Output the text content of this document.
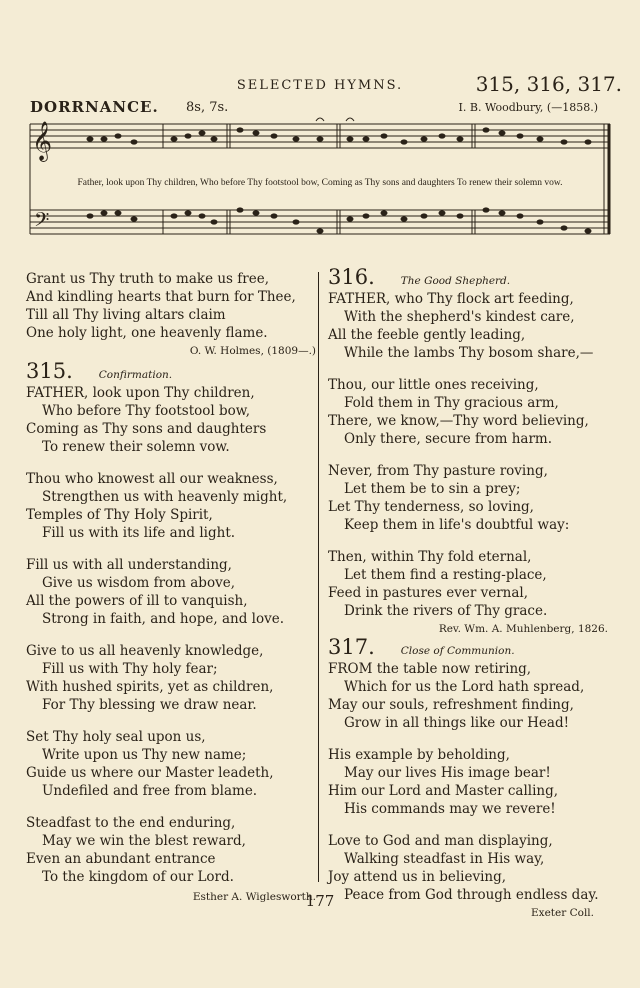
SELECTED HYMNS.	315, 316, 317.
DORRNANCE. 8s, 7s.	I. B. Woodbury, (—1858.)
𝄞
𝄢
Father, look upon Thy children, Who before Thy footstool bow, Coming as Thy sons and daughters To renew their solemn vow.
Grant us Thy truth to make us free,
And kindling hearts that burn for Thee,
Till all Thy living altars claim
One holy light, one heavenly flame.
O. W. Holmes, (1809—.)
315. Confirmation.
FATHER, look upon Thy children,
Who before Thy footstool bow,
Coming as Thy sons and daughters
To renew their solemn vow.
Thou who knowest all our weakness,
Strengthen us with heavenly might,
Temples of Thy Holy Spirit,
Fill us with its life and light.
Fill us with all understanding,
Give us wisdom from above,
All the powers of ill to vanquish,
Strong in faith, and hope, and love.
Give to us all heavenly knowledge,
Fill us with Thy holy fear;
With hushed spirits, yet as children,
For Thy blessing we draw near.
Set Thy holy seal upon us,
Write upon us Thy new name;
Guide us where our Master leadeth,
Undefiled and free from blame.
Steadfast to the end enduring,
May we win the blest reward,
Even an abundant entrance
To the kingdom of our Lord.
Esther A. Wiglesworth.
316. The Good Shepherd.
FATHER, who Thy flock art feeding,
With the shepherd's kindest care,
All the feeble gently leading,
While the lambs Thy bosom share,—
Thou, our little ones receiving,
Fold them in Thy gracious arm,
There, we know,—Thy word believing,
Only there, secure from harm.
Never, from Thy pasture roving,
Let them be to sin a prey;
Let Thy tenderness, so loving,
Keep them in life's doubtful way:
Then, within Thy fold eternal,
Let them find a resting-place,
Feed in pastures ever vernal,
Drink the rivers of Thy grace.
Rev. Wm. A. Muhlenberg, 1826.
317. Close of Communion.
FROM the table now retiring,
Which for us the Lord hath spread,
May our souls, refreshment finding,
Grow in all things like our Head!
His example by beholding,
May our lives His image bear!
Him our Lord and Master calling,
His commands may we revere!
Love to God and man displaying,
Walking steadfast in His way,
Joy attend us in believing,
Peace from God through endless day.
Exeter Coll.
177
